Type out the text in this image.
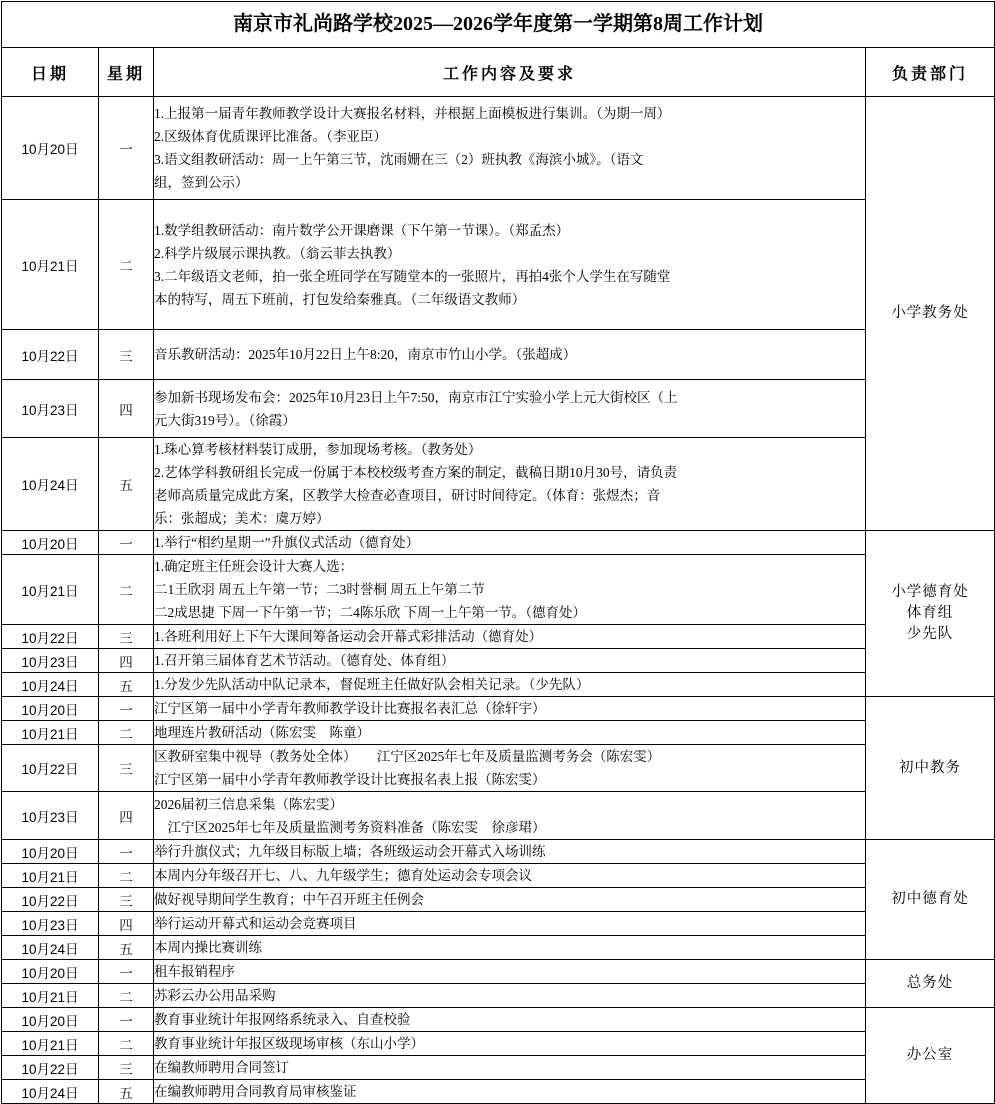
南京市礼尚路学校2025—2026学年度第一学期第8周工作计划			
日期	星期	工作内容及要求	负责部门
10月20日	一	1.上报第一届青年教师教学设计大赛报名材料，并根据上面模板进行集训。（为期一周）
2.区级体育优质课评比准备。（李亚臣）
3.语文组教研活动：周一上午第三节，沈雨姗在三（2）班执教《海滨小城》。（语文
组，签到公示）	小学教务处

10月21日	二	1.数学组教研活动：南片数学公开课磨课（下午第一节课）。（郑孟杰）
2.科学片级展示课执教。（翁云菲去执教）
3.二年级语文老师，拍一张全班同学在写随堂本的一张照片，再拍4张个人学生在写随堂
本的特写，周五下班前，打包发给秦雅真。（二年级语文教师）	

10月22日	三	音乐教研活动：2025年10月22日上午8:20，南京市竹山小学。（张超成）	

10月23日	四	参加新书现场发布会：2025年10月23日上午7:50，南京市江宁实验小学上元大街校区（上
元大街319号）。（徐霞）	

10月24日	五	1.珠心算考核材料装订成册，参加现场考核。（教务处）
2.艺体学科教研组长完成一份属于本校校级考查方案的制定，截稿日期10月30号，请负责
老师高质量完成此方案，区教学大检查必查项目，研讨时间待定。（体育：张煜杰；音
乐：张超成；美术：虞万婷）	

10月20日	一	1.举行“相约星期一”升旗仪式活动（德育处）	小学德育处
体育组
少先队

10月21日	二	1.确定班主任班会设计大赛人选：
二1王欣羽 周五上午第一节；二3时誉桐 周五上午第二节
二2成思捷 下周一下午第一节；二4陈乐欣 下周一上午第一节。（德育处）	

10月22日	三	1.各班利用好上下午大课间筹备运动会开幕式彩排活动（德育处）	

10月23日	四	1.召开第三届体育艺术节活动。（德育处、体育组）	

10月24日	五	1.分发少先队活动中队记录本，督促班主任做好队会相关记录。（少先队）	

10月20日	一	江宁区第一届中小学青年教师教学设计比赛报名表汇总（徐轩宇）	初中教务

10月21日	二	地理连片教研活动（陈宏雯　陈童）	

10月22日	三	区教研室集中视导（教务处全体）　　江宁区2025年七年及质量监测考务会（陈宏雯）
江宁区第一届中小学青年教师教学设计比赛报名表上报（陈宏雯）	

10月23日	四	2026届初三信息采集（陈宏雯）
　江宁区2025年七年及质量监测考务资料准备（陈宏雯　徐彦珺）	

10月20日	一	举行升旗仪式；九年级目标版上墙；各班级运动会开幕式入场训练	初中德育处

10月21日	二	本周内分年级召开七、八、九年级学生；德育处运动会专项会议	

10月22日	三	做好视导期间学生教育；中午召开班主任例会	

10月23日	四	举行运动开幕式和运动会竞赛项目	

10月24日	五	本周内操比赛训练	

10月20日	一	租车报销程序	总务处

10月21日	二	苏彩云办公用品采购	

10月20日	一	教育事业统计年报网络系统录入、自查校验	办公室

10月21日	二	教育事业统计年报区级现场审核（东山小学）	

10月22日	三	在编教师聘用合同签订	

10月24日	五	在编教师聘用合同教育局审核鉴证	
